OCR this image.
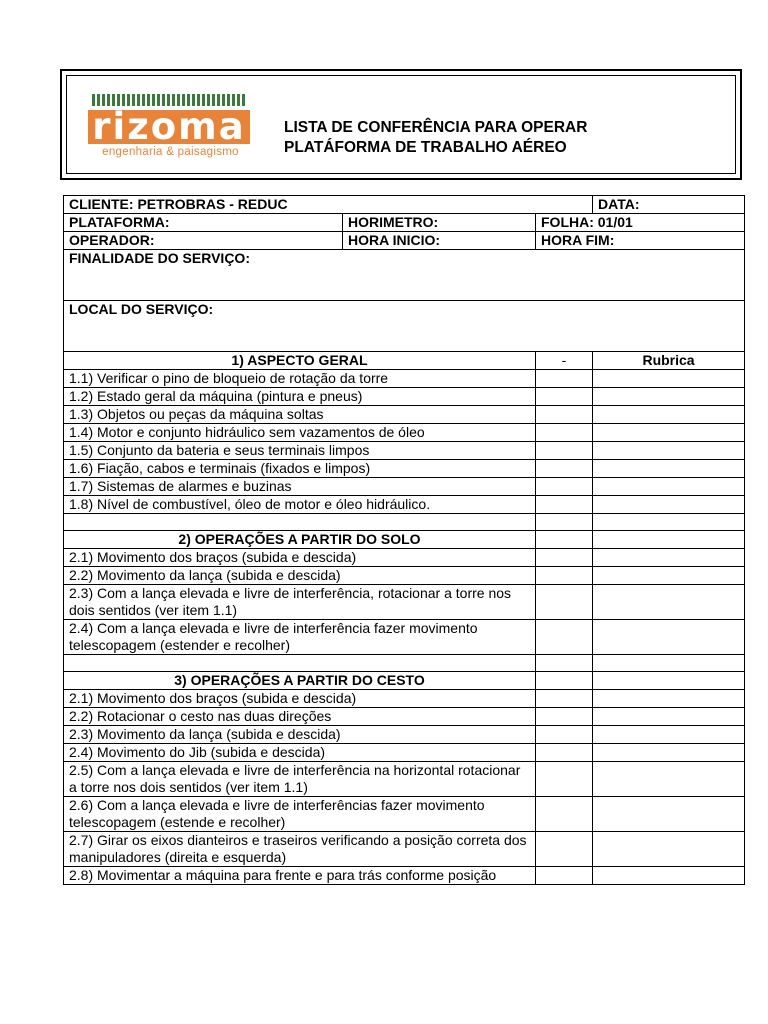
rizoma
engenharia & paisagismo
LISTA DE CONFERÊNCIA PARA OPERAR
PLATÁFORMA DE TRABALHO AÉREO
CLIENTE: PETROBRAS - REDUC			DATA:
PLATAFORMA:	HORIMETRO:	FOLHA: 01/01	
OPERADOR:	HORA INICIO:	HORA FIM:	
FINALIDADE DO SERVIÇO:			
LOCAL DO SERVIÇO:			
1) ASPECTO GERAL		-	Rubrica
1.1) Verificar o pino de bloqueio de rotação da torre			
1.2) Estado geral da máquina (pintura e pneus)			
1.3) Objetos ou peças da máquina soltas			
1.4) Motor e conjunto hidráulico sem vazamentos de óleo			
1.5) Conjunto da bateria e seus terminais limpos			
1.6) Fiação, cabos e terminais (fixados e limpos)			
1.7) Sistemas de alarmes e buzinas			
1.8) Nível de combustível, óleo de motor e óleo hidráulico.			

2) OPERAÇÕES A PARTIR DO SOLO			
2.1) Movimento dos braços (subida e descida)			
2.2) Movimento da lança (subida e descida)			
2.3) Com a lança elevada e livre de interferência, rotacionar a torre nos dois sentidos (ver item 1.1)			
2.4) Com a lança elevada e livre de interferência fazer movimento telescopagem (estender e recolher)			

3) OPERAÇÕES A PARTIR DO CESTO			
2.1) Movimento dos braços (subida e descida)			
2.2) Rotacionar o cesto nas duas direções			
2.3) Movimento da lança (subida e descida)			
2.4) Movimento do Jib (subida e descida)			
2.5) Com a lança elevada e livre de interferência na horizontal rotacionar a torre nos dois sentidos (ver item 1.1)			
2.6) Com a lança elevada e livre de interferências fazer movimento telescopagem (estende e recolher)			
2.7) Girar os eixos dianteiros e traseiros verificando a posição correta dos manipuladores (direita e esquerda)			
2.8) Movimentar a máquina para frente e para trás conforme posição			
